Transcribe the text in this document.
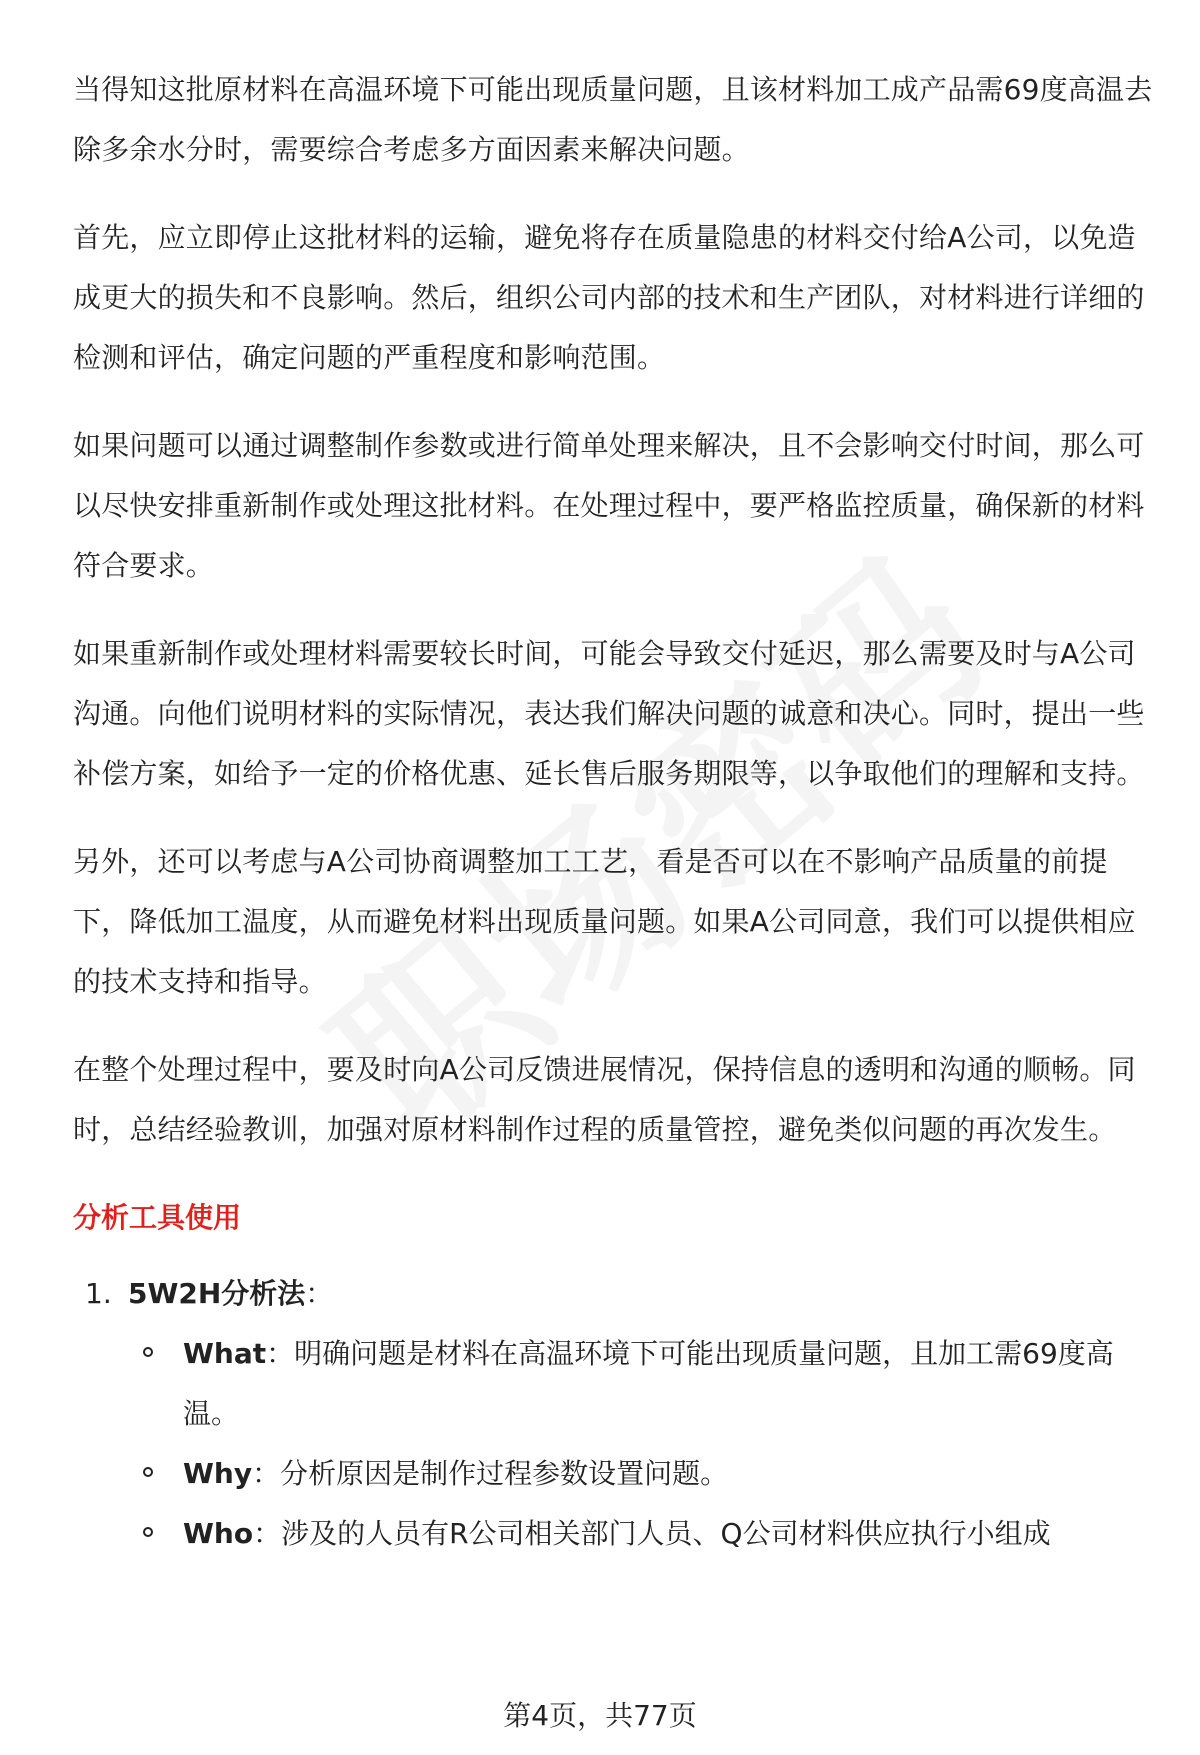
当得知这批原材料在高温环境下可能出现质量问题，且该材料加工成产品需69度高温去除多余水分时，需要综合考虑多方面因素来解决问题。

首先，应立即停止这批材料的运输，避免将存在质量隐患的材料交付给A公司，以免造成更大的损失和不良影响。然后，组织公司内部的技术和生产团队，对材料进行详细的检测和评估，确定问题的严重程度和影响范围。

如果问题可以通过调整制作参数或进行简单处理来解决，且不会影响交付时间，那么可以尽快安排重新制作或处理这批材料。在处理过程中，要严格监控质量，确保新的材料符合要求。

如果重新制作或处理材料需要较长时间，可能会导致交付延迟，那么需要及时与A公司沟通。向他们说明材料的实际情况，表达我们解决问题的诚意和决心。同时，提出一些补偿方案，如给予一定的价格优惠、延长售后服务期限等，以争取他们的理解和支持。

另外，还可以考虑与A公司协商调整加工工艺，看是否可以在不影响产品质量的前提下，降低加工温度，从而避免材料出现质量问题。如果A公司同意，我们可以提供相应的技术支持和指导。

在整个处理过程中，要及时向A公司反馈进展情况，保持信息的透明和沟通的顺畅。同时，总结经验教训，加强对原材料制作过程的质量管控，避免类似问题的再次发生。

分析工具使用
1. 5W2H分析法：
What：明确问题是材料在高温环境下可能出现质量问题，且加工需69度高温。
Why：分析原因是制作过程参数设置问题。
Who：涉及的人员有R公司相关部门人员、Q公司材料供应执行小组成
第4页，共77页
